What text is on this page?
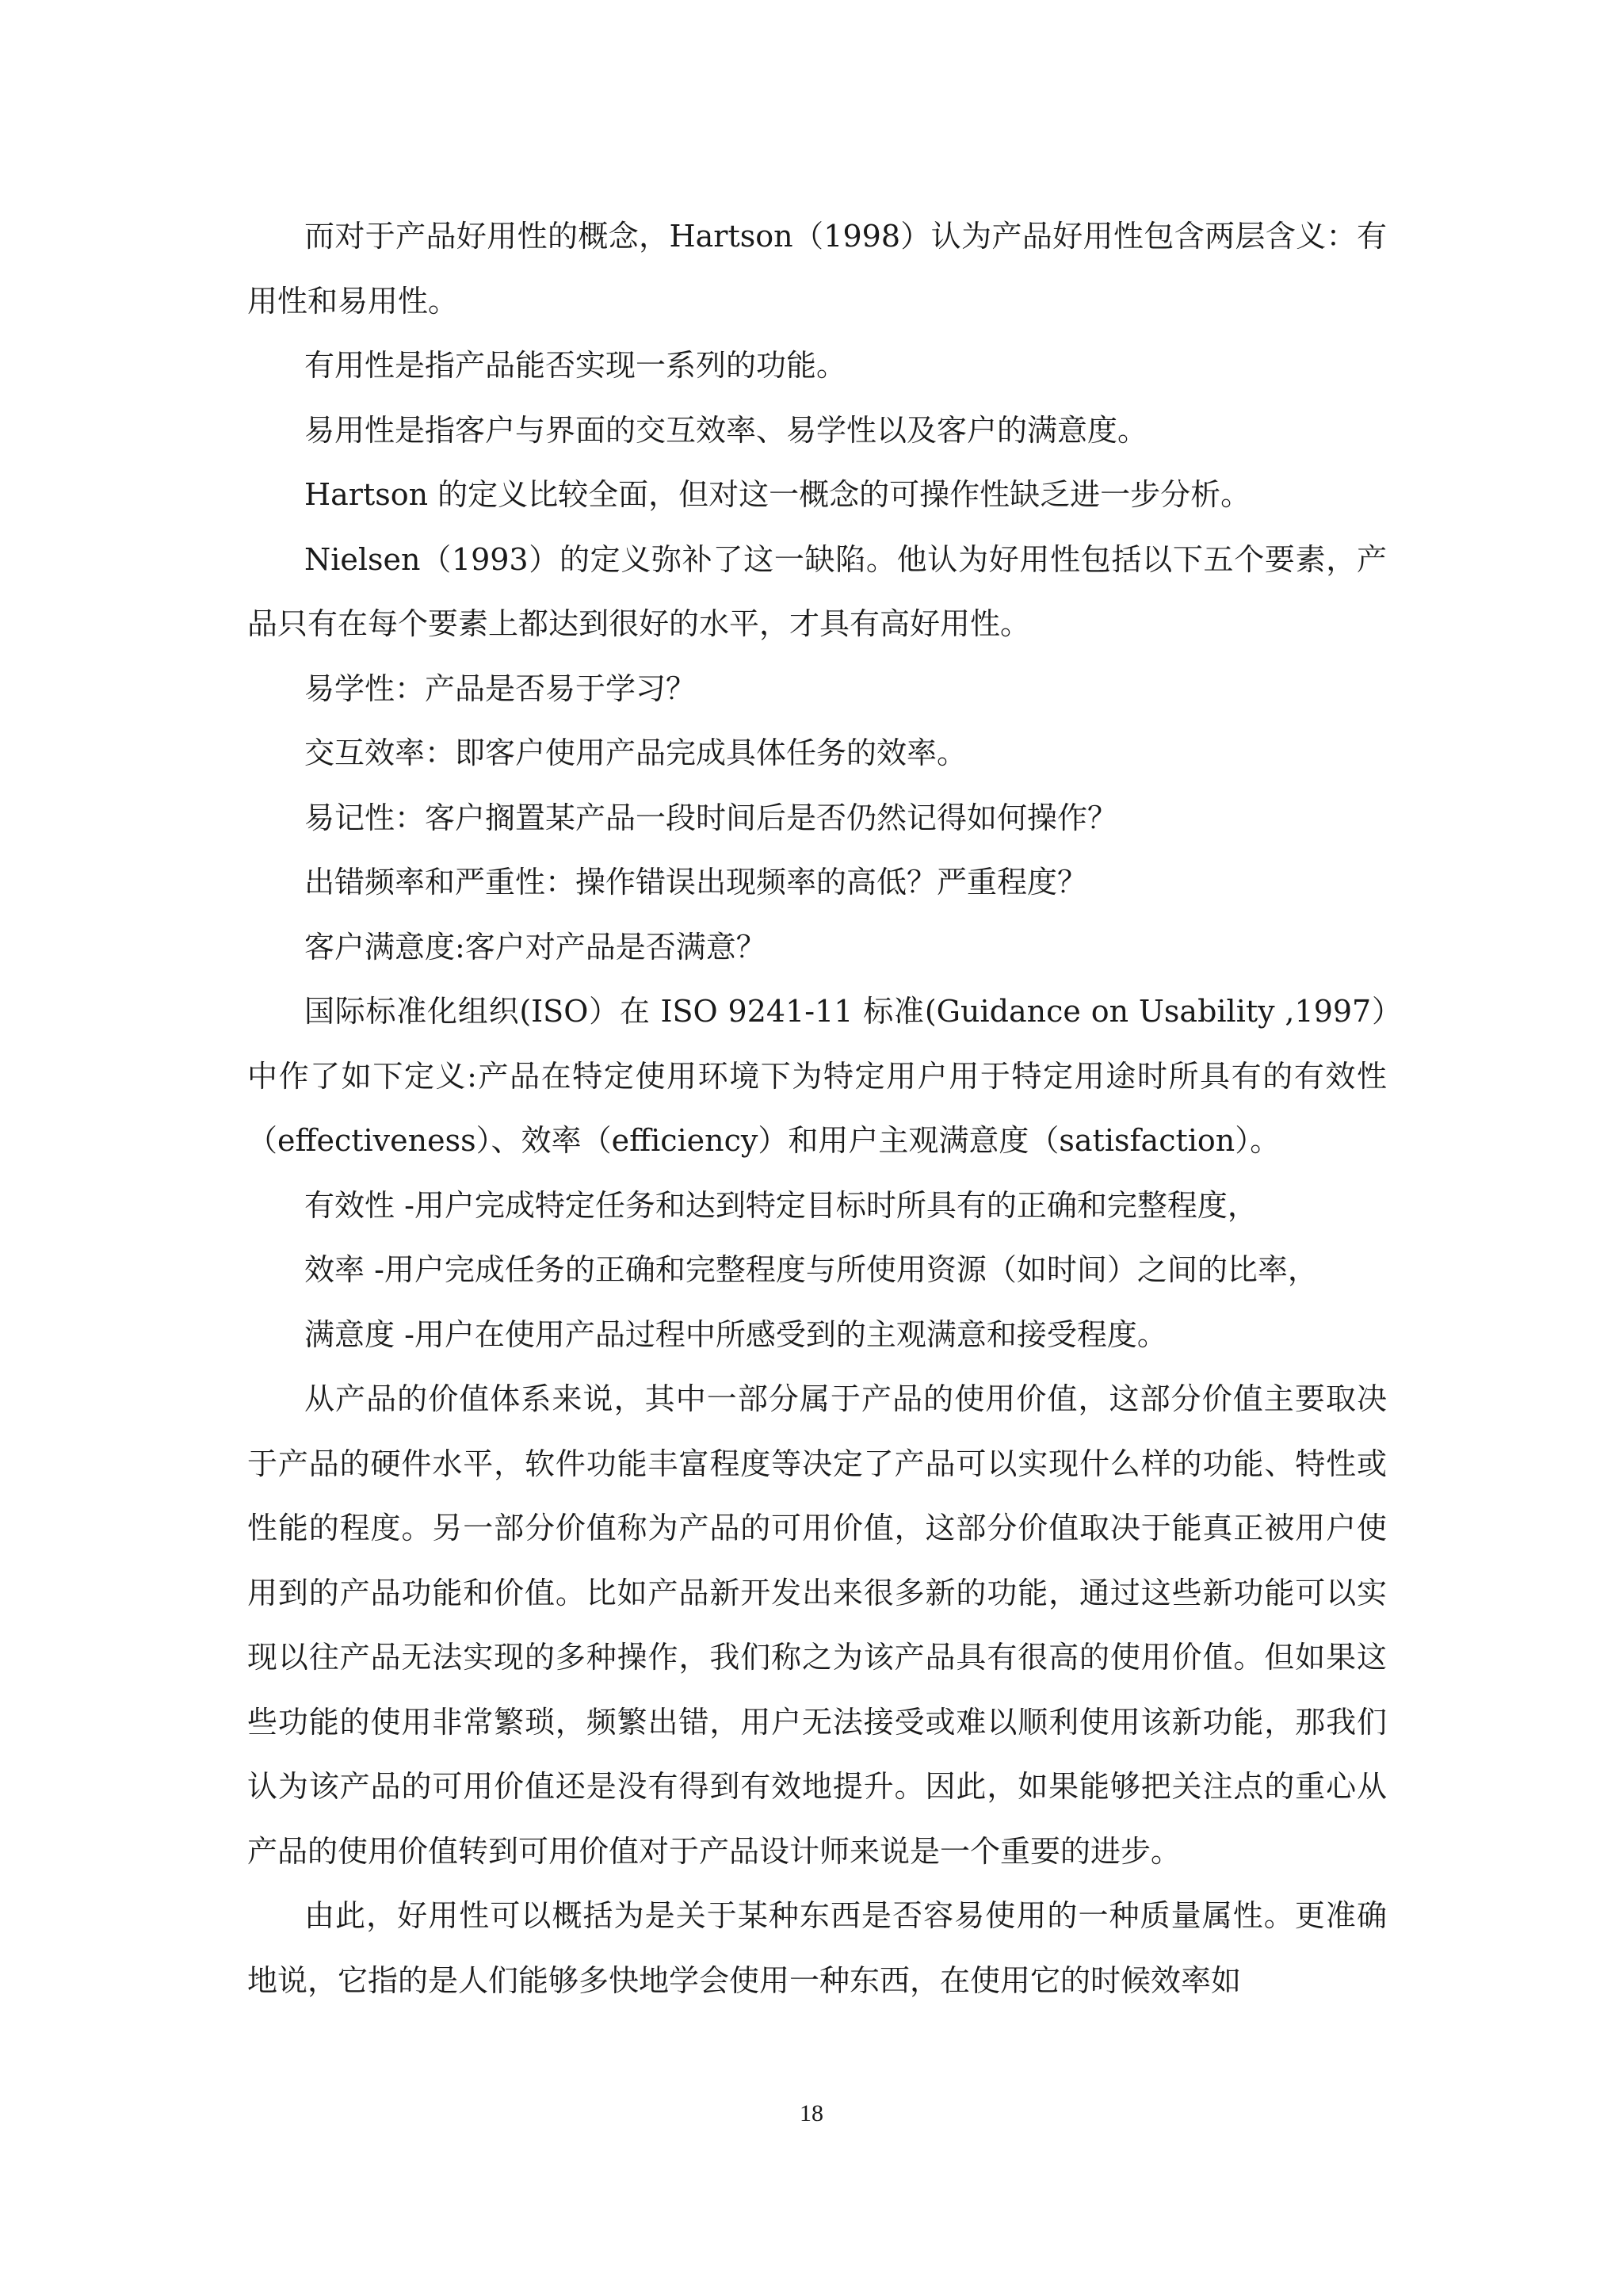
而对于产品好用性的概念，Hartson（1998）认为产品好用性包含两层含义：有用性和易用性。

有用性是指产品能否实现一系列的功能。

易用性是指客户与界面的交互效率、易学性以及客户的满意度。

Hartson 的定义比较全面，但对这一概念的可操作性缺乏进一步分析。

Nielsen（1993）的定义弥补了这一缺陷。他认为好用性包括以下五个要素，产品只有在每个要素上都达到很好的水平，才具有高好用性。

易学性：产品是否易于学习？

交互效率：即客户使用产品完成具体任务的效率。

易记性：客户搁置某产品一段时间后是否仍然记得如何操作？

出错频率和严重性：操作错误出现频率的高低？严重程度？

客户满意度:客户对产品是否满意？

国际标准化组织(ISO）在 ISO 9241-11 标准(Guidance on Usability ,1997）中作了如下定义:产品在特定使用环境下为特定用户用于特定用途时所具有的有效性（effectiveness）、效率（efficiency）和用户主观满意度（satisfaction）。

有效性 -用户完成特定任务和达到特定目标时所具有的正确和完整程度，

效率 -用户完成任务的正确和完整程度与所使用资源（如时间）之间的比率，

满意度 -用户在使用产品过程中所感受到的主观满意和接受程度。

从产品的价值体系来说，其中一部分属于产品的使用价值，这部分价值主要取决于产品的硬件水平，软件功能丰富程度等决定了产品可以实现什么样的功能、特性或性能的程度。另一部分价值称为产品的可用价值，这部分价值取决于能真正被用户使用到的产品功能和价值。比如产品新开发出来很多新的功能，通过这些新功能可以实现以往产品无法实现的多种操作，我们称之为该产品具有很高的使用价值。但如果这些功能的使用非常繁琐，频繁出错，用户无法接受或难以顺利使用该新功能，那我们认为该产品的可用价值还是没有得到有效地提升。因此，如果能够把关注点的重心从产品的使用价值转到可用价值对于产品设计师来说是一个重要的进步。

由此，好用性可以概括为是关于某种东西是否容易使用的一种质量属性。更准确地说，它指的是人们能够多快地学会使用一种东西，在使用它的时候效率如

18
